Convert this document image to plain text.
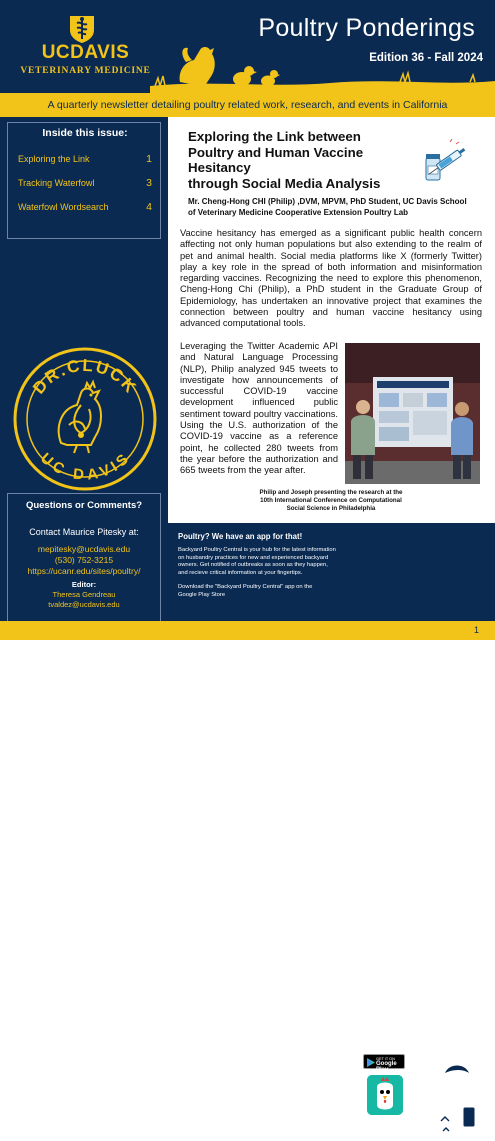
UCDAVIS
VETERINARY MEDICINE
Poultry Ponderings
Edition 36 - Fall 2024
A quarterly newsletter detailing poultry related work, research, and events in California
Inside this issue:
Exploring the Link	1
Tracking Waterfowl	3
Waterfowl Wordsearch	4
DR.CLUCK
UC DAVIS
Questions or Comments?
Contact Maurice Pitesky at:
mepitesky@ucdavis.edu
(530) 752-3215
https://ucanr.edu/sites/poultry/
Editor:
Theresa Gendreau
tvaldez@ucdavis.edu
Exploring the Link between
Poultry and Human Vaccine Hesitancy
through Social Media Analysis
Mr. Cheng-Hong CHI (Philip) ,DVM, MPVM, PhD Student, UC Davis School
of Veterinary Medicine Cooperative Extension Poultry Lab
Vaccine hesitancy has emerged as a significant public health concern affecting not only human populations but also extending to the realm of pet and animal health. Social media platforms like X (formerly Twitter) play a key role in the spread of both information and misinformation regarding vaccines. Recognizing the need to explore this phenomenon, Cheng-Hong Chi (Philip), a PhD student in the Graduate Group of Epidemiology, has undertaken an innovative project that examines the connection between poultry and human vaccine hesitancy using advanced computational tools.
Leveraging the Twitter Academic API and Natural Language Processing (NLP), Philip analyzed 945 tweets to investigate how announcements of successful COVID-19 vaccine development influenced public sentiment toward poultry vaccinations. Using the U.S. authorization of the COVID-19 vaccine as a reference point, he collected 280 tweets from the year before the authorization and 665 tweets from the year after.
Philip and Joseph presenting the research at the
10th International Conference on Computational
Social Science in Philadelphia
Poultry? We have an app for that!
Backyard Poultry Central is your hub for the latest information
on husbandry practices for new and experienced backyard
owners. Get notified of outbreaks as soon as they happen,
and recieve critical information at your fingertips.
Download the "Backyard Poultry Central" app on the
Google Play Store
GET IT ON
Google Play
1
